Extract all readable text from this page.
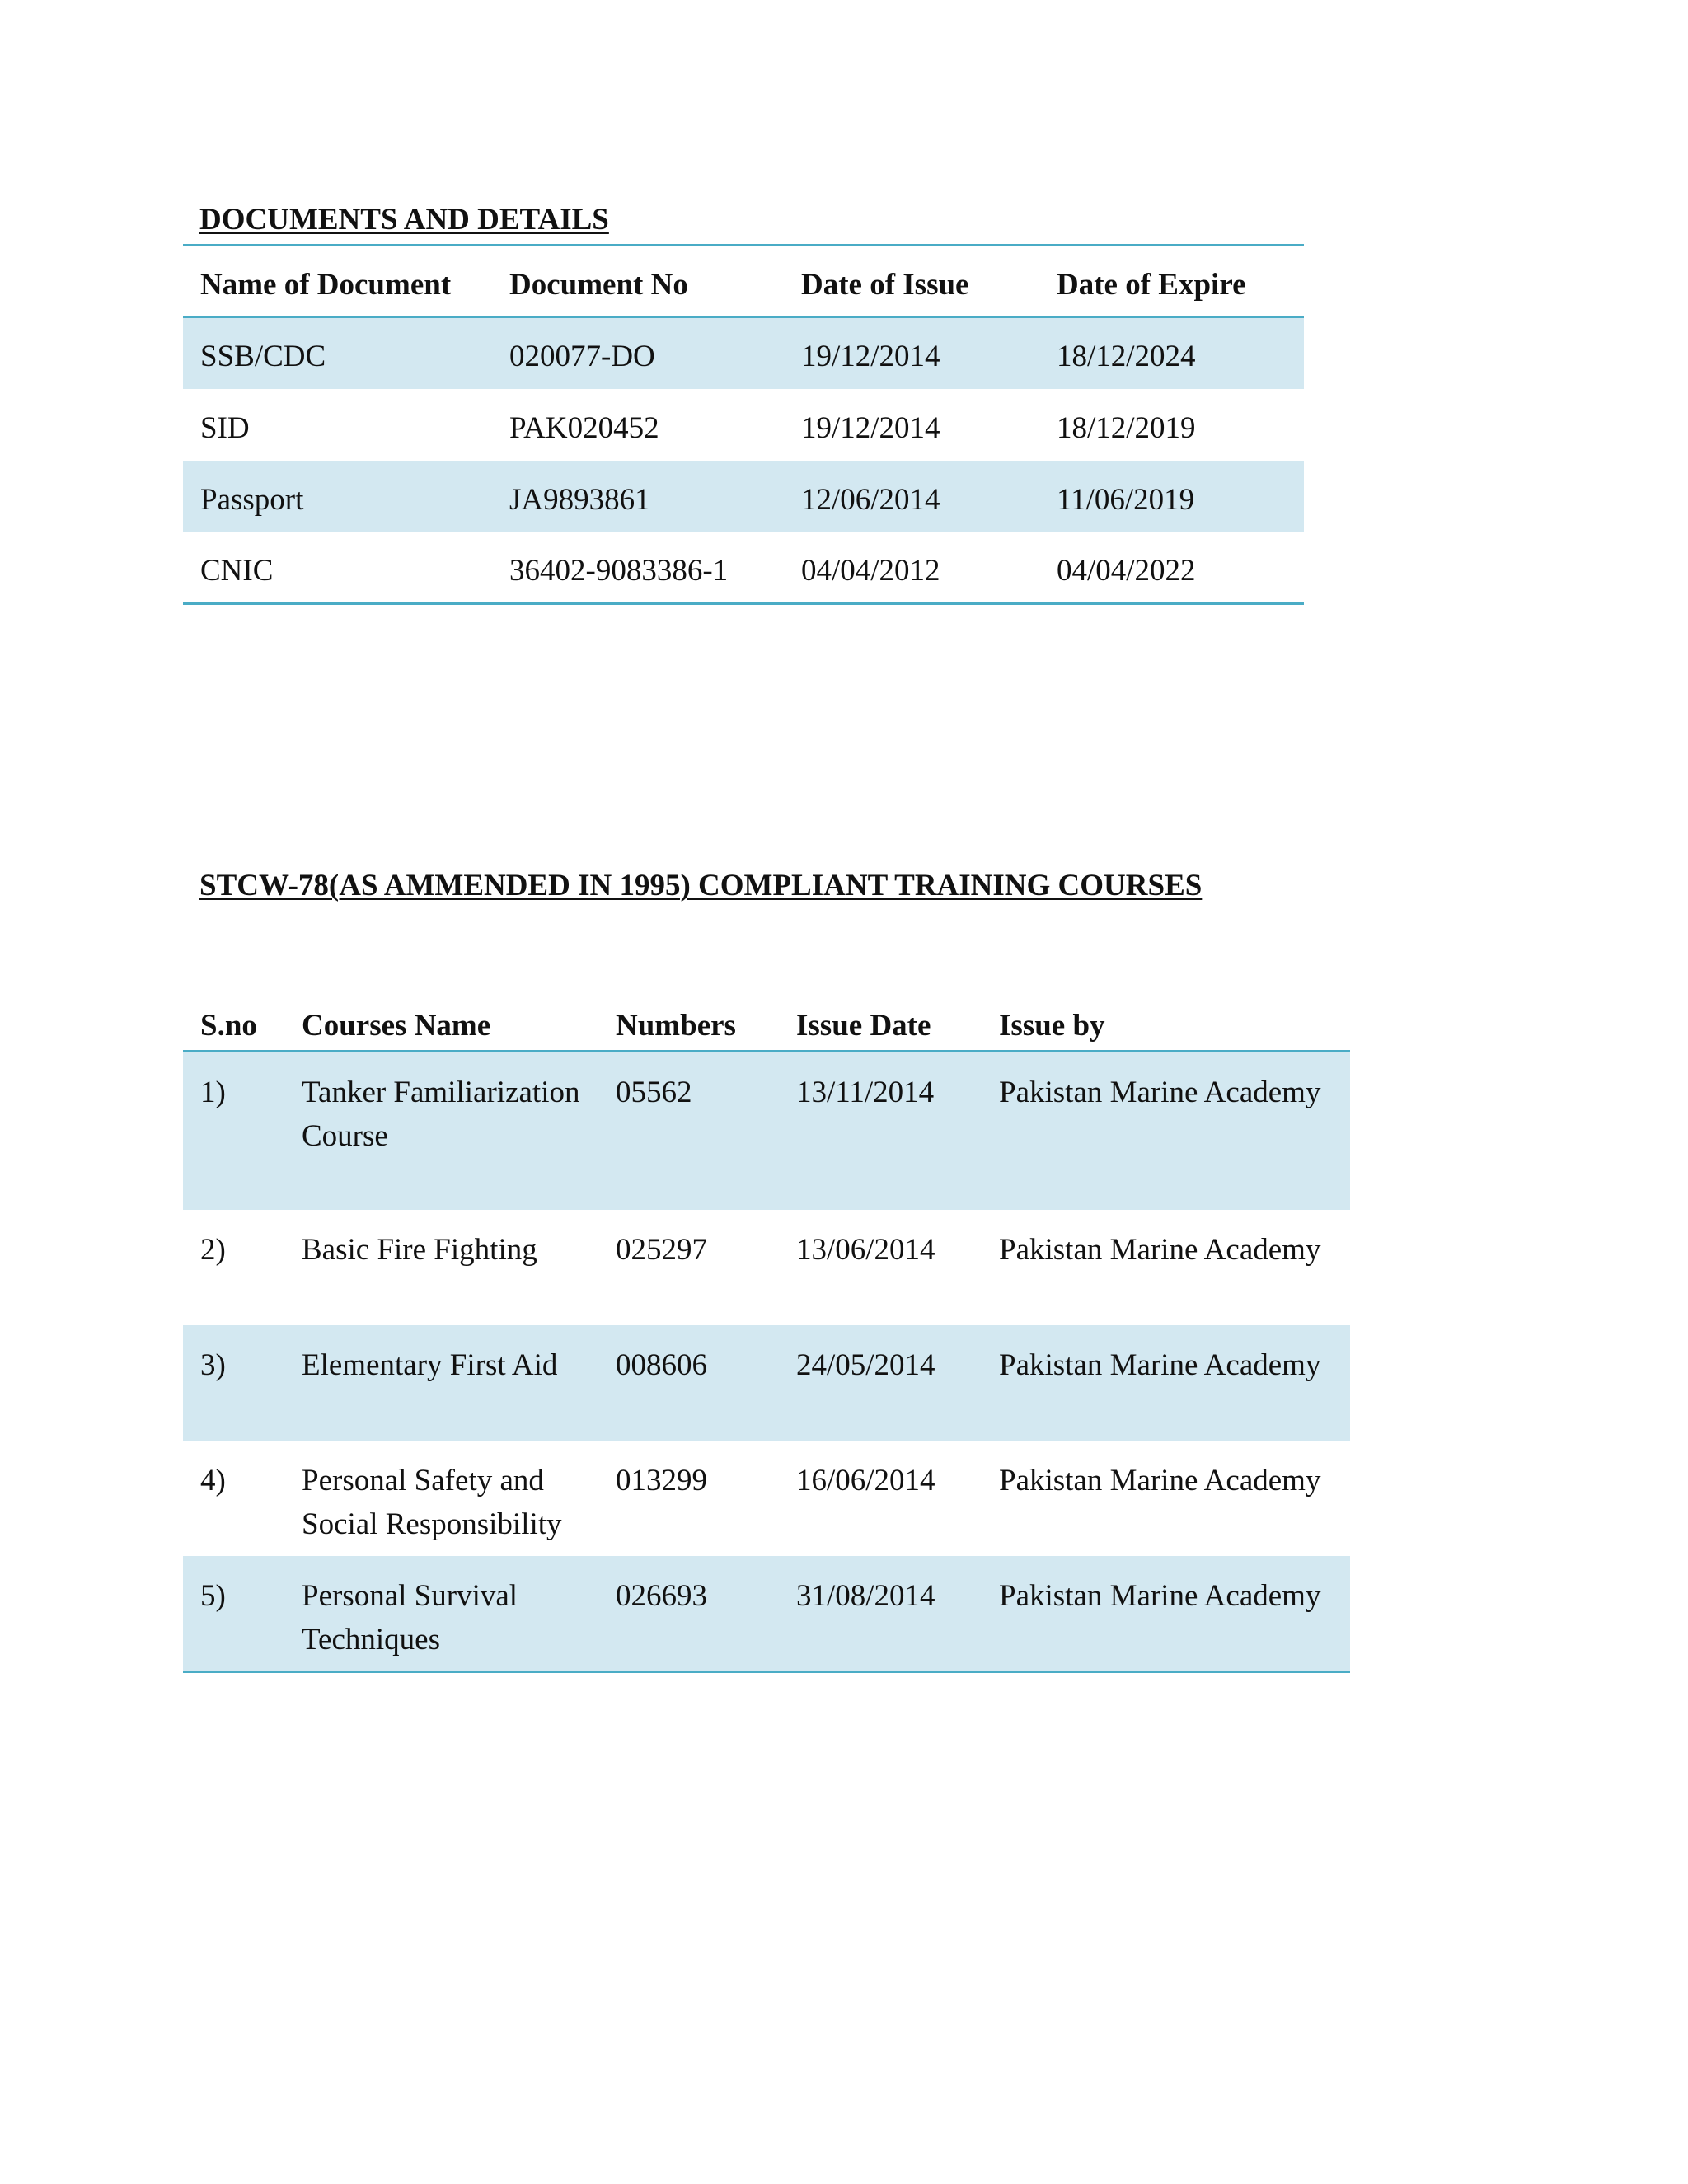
DOCUMENTS AND DETAILS
Name of Document	Document No	Date of Issue	Date of Expire
SSB/CDC	020077-DO	19/12/2014	18/12/2024
SID	PAK020452	19/12/2014	18/12/2019
Passport	JA9893861	12/06/2014	11/06/2019
CNIC	36402-9083386-1	04/04/2012	04/04/2022
STCW-78(AS AMMENDED IN 1995) COMPLIANT TRAINING COURSES
S.no	Courses Name	Numbers	Issue Date	Issue by

1)	Tanker Familiarization Course	05562	13/11/2014	Pakistan Marine Academy

2)	Basic Fire Fighting	025297	13/06/2014	Pakistan Marine Academy

3)	Elementary First Aid	008606	24/05/2014	Pakistan Marine Academy

4)	Personal Safety and Social Responsibility	013299	16/06/2014	Pakistan Marine Academy

5)	Personal Survival Techniques	026693	31/08/2014	Pakistan Marine Academy
